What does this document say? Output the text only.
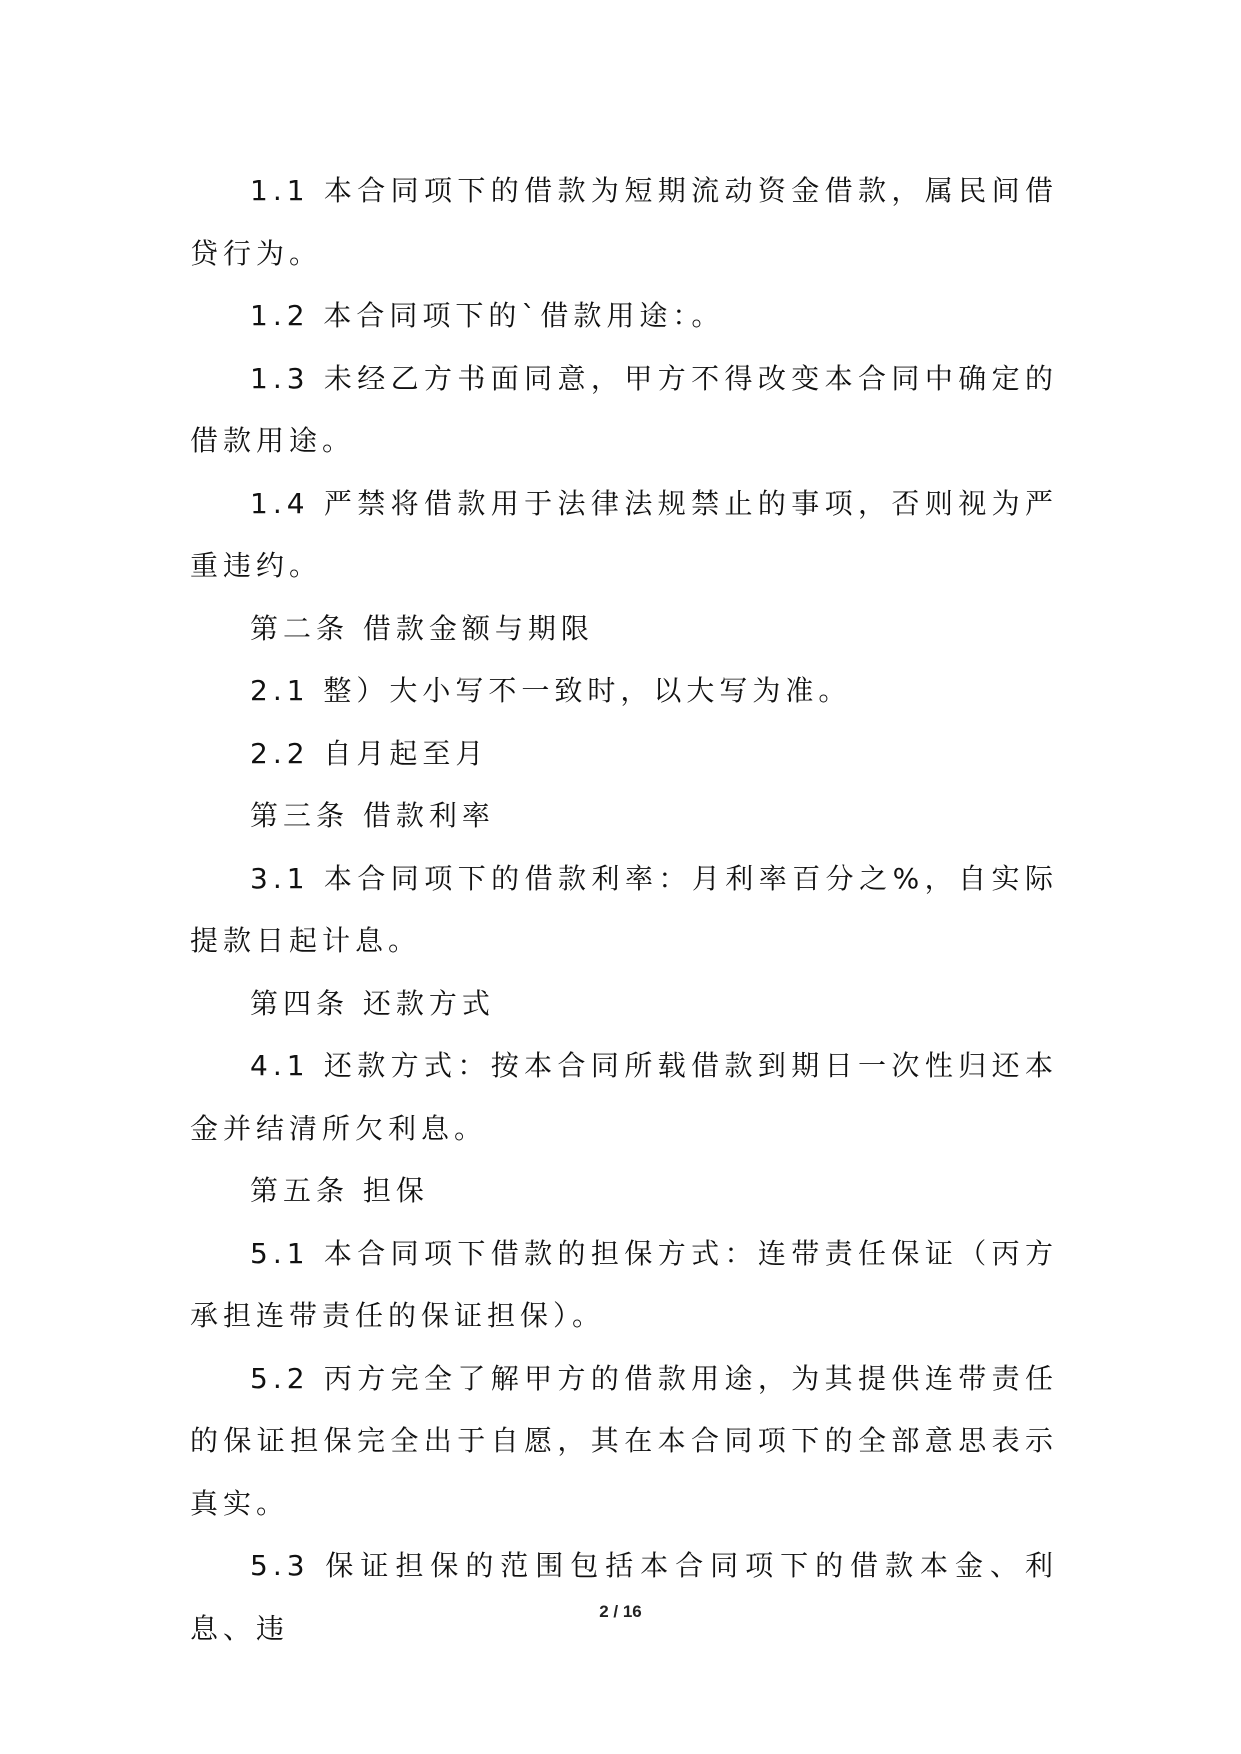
1.1 本合同项下的借款为短期流动资金借款，属民间借贷行为。

1.2 本合同项下的`借款用途：。

1.3 未经乙方书面同意，甲方不得改变本合同中确定的借款用途。

1.4 严禁将借款用于法律法规禁止的事项，否则视为严重违约。

第二条 借款金额与期限

2.1 整）大小写不一致时，以大写为准。

2.2 自月起至月

第三条 借款利率

3.1 本合同项下的借款利率：月利率百分之%，自实际提款日起计息。

第四条 还款方式

4.1 还款方式：按本合同所载借款到期日一次性归还本金并结清所欠利息。

第五条 担保

5.1 本合同项下借款的担保方式：连带责任保证（丙方承担连带责任的保证担保）。

5.2 丙方完全了解甲方的借款用途，为其提供连带责任的保证担保完全出于自愿，其在本合同项下的全部意思表示真实。

5.3 保证担保的范围包括本合同项下的借款本金、利息、违	2 / 16
